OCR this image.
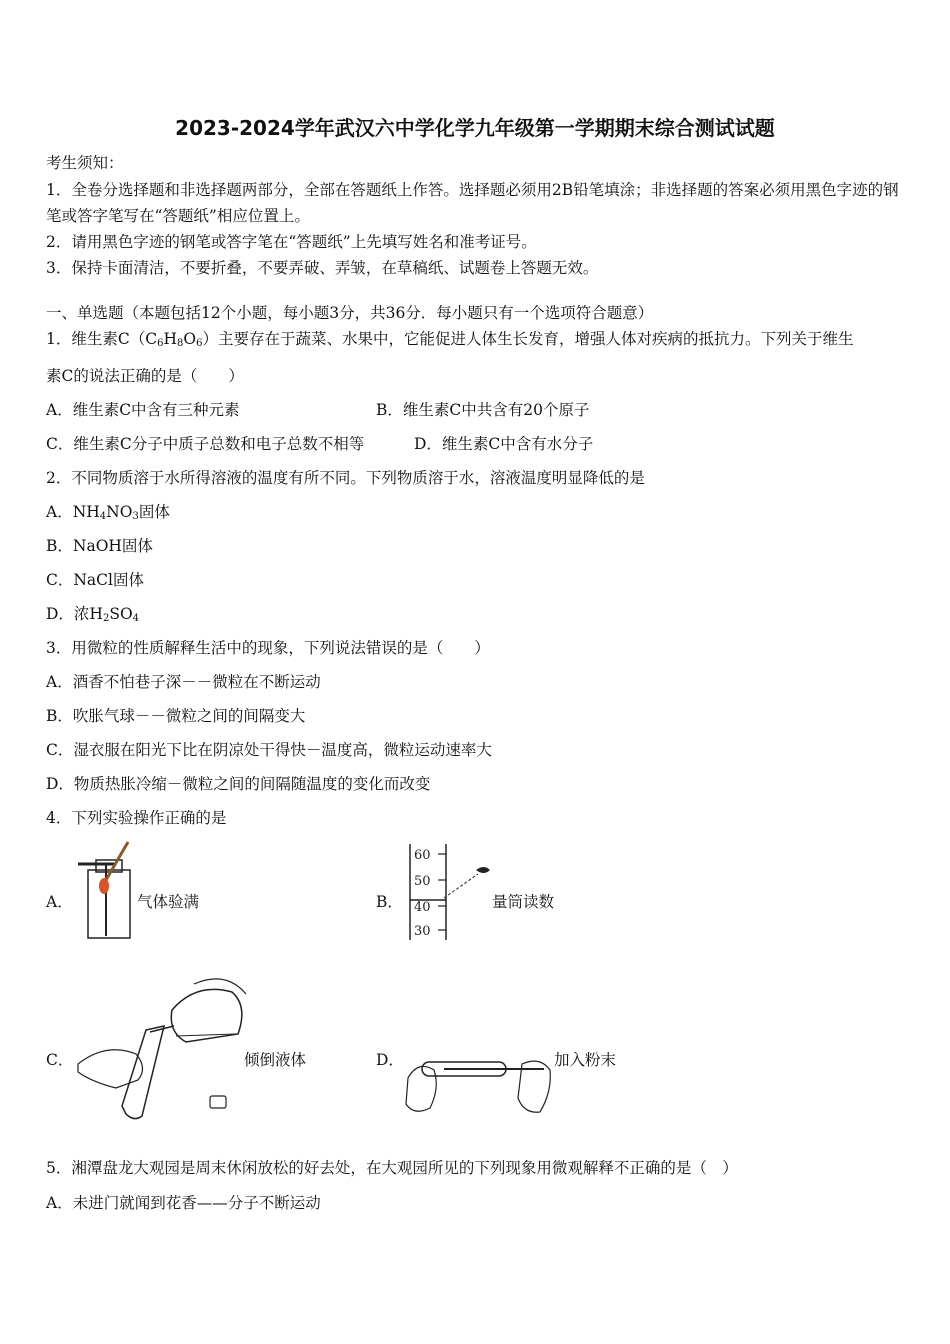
2023-2024学年武汉六中学化学九年级第一学期期末综合测试试题
考生须知：
1．全卷分选择题和非选择题两部分，全部在答题纸上作答。选择题必须用2B铅笔填涂；非选择题的答案必须用黑色字迹的钢笔或答字笔写在“答题纸”相应位置上。
2．请用黑色字迹的钢笔或答字笔在“答题纸”上先填写姓名和准考证号。
3．保持卡面清洁，不要折叠，不要弄破、弄皱，在草稿纸、试题卷上答题无效。
一、单选题（本题包括12个小题，每小题3分，共36分．每小题只有一个选项符合题意）
1．维生素$C(C_6H_8O_6)$主要存在于蔬菜、水果中，它能促进人体生长发育，增强人体对疾病的抵抗力。下列关于维生
素C的说法正确的是（　　）
A．维生素C中含有三种元素	B．维生素C中共含有20个原子
C．维生素C分子中质子总数和电子总数不相等	D．维生素C中含有水分子
2．不同物质溶于水所得溶液的温度有所不同。下列物质溶于水，溶液温度明显降低的是
A．$NH_4NO_3$固体
B．NaOH固体
C．NaCl固体
D．浓$H_2SO_4$
3．用微粒的性质解释生活中的现象，下列说法错误的是（　　）
A．酒香不怕巷子深－－微粒在不断运动
B．吹胀气球－－微粒之间的间隔变大
C．湿衣服在阳光下比在阴凉处干得快－温度高，微粒运动速率大
D．物质热胀冷缩－微粒之间的间隔随温度的变化而改变
4．下列实验操作正确的是
A．	气体验满	B．
60
50
40
30
量筒读数
C．	倾倒液体	D．	加入粉末
5．湘潭盘龙大观园是周末休闲放松的好去处，在大观园所见的下列现象用微观解释不正确的是（　）
A．未进门就闻到花香——分子不断运动
